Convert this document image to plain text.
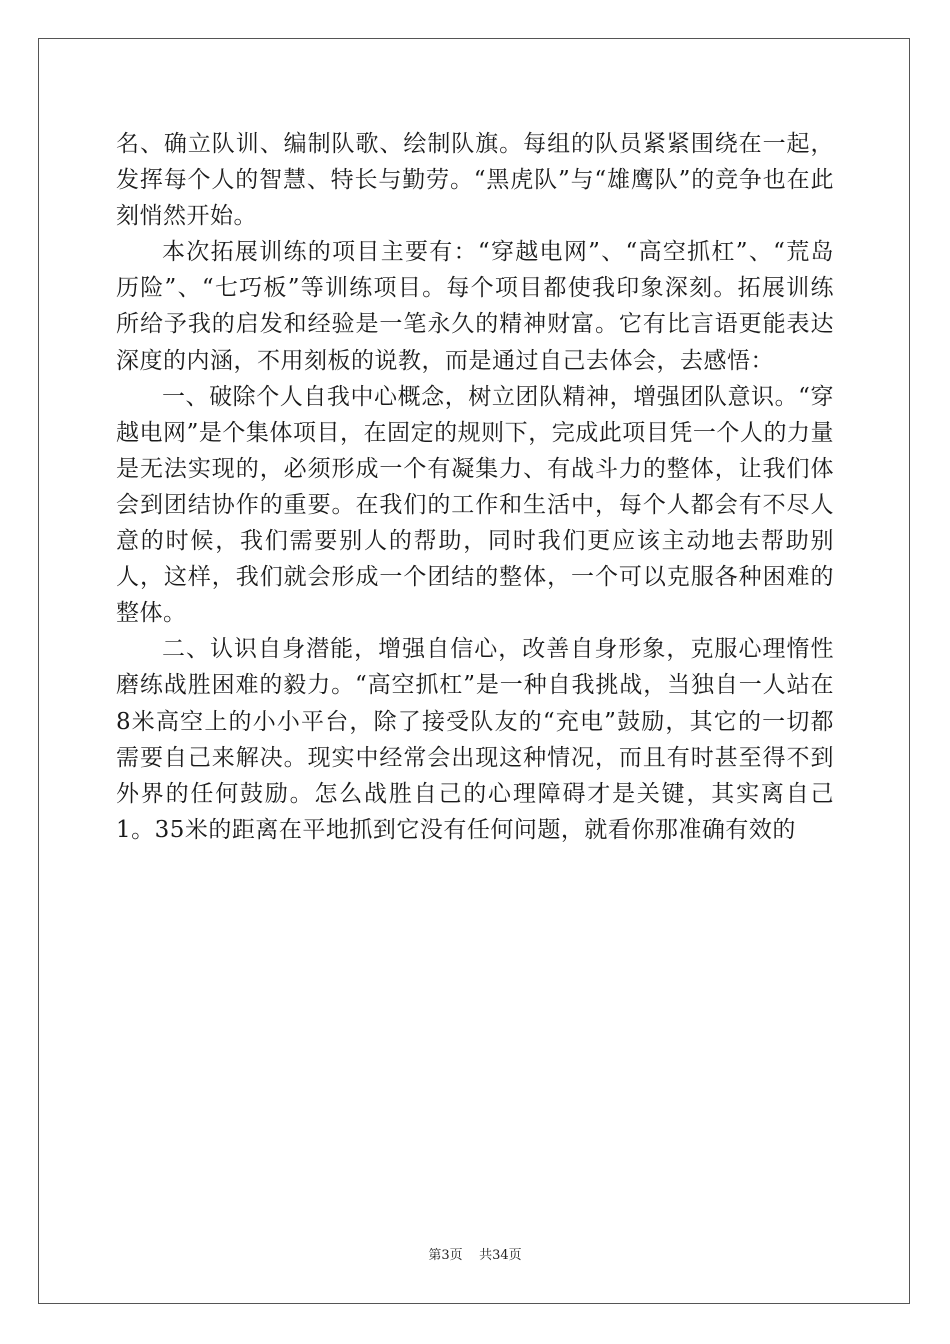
名、确立队训、编制队歌、绘制队旗。每组的队员紧紧围绕在一起，发挥每个人的智慧、特长与勤劳。“黑虎队”与“雄鹰队”的竞争也在此刻悄然开始。

本次拓展训练的项目主要有：“穿越电网”、“高空抓杠”、“荒岛历险”、“七巧板”等训练项目。每个项目都使我印象深刻。拓展训练所给予我的启发和经验是一笔永久的精神财富。它有比言语更能表达深度的内涵，不用刻板的说教，而是通过自己去体会，去感悟：

一、破除个人自我中心概念，树立团队精神，增强团队意识。“穿越电网”是个集体项目，在固定的规则下，完成此项目凭一个人的力量是无法实现的，必须形成一个有凝集力、有战斗力的整体，让我们体会到团结协作的重要。在我们的工作和生活中，每个人都会有不尽人意的时候，我们需要别人的帮助，同时我们更应该主动地去帮助别人，这样，我们就会形成一个团结的整体，一个可以克服各种困难的整体。

二、认识自身潜能，增强自信心，改善自身形象，克服心理惰性磨练战胜困难的毅力。“高空抓杠”是一种自我挑战，当独自一人站在8米高空上的小小平台，除了接受队友的“充电”鼓励，其它的一切都需要自己来解决。现实中经常会出现这种情况，而且有时甚至得不到外界的任何鼓励。怎么战胜自己的心理障碍才是关键，其实离自己1。35米的距离在平地抓到它没有任何问题，就看你那准确有效的

第3页 共34页
